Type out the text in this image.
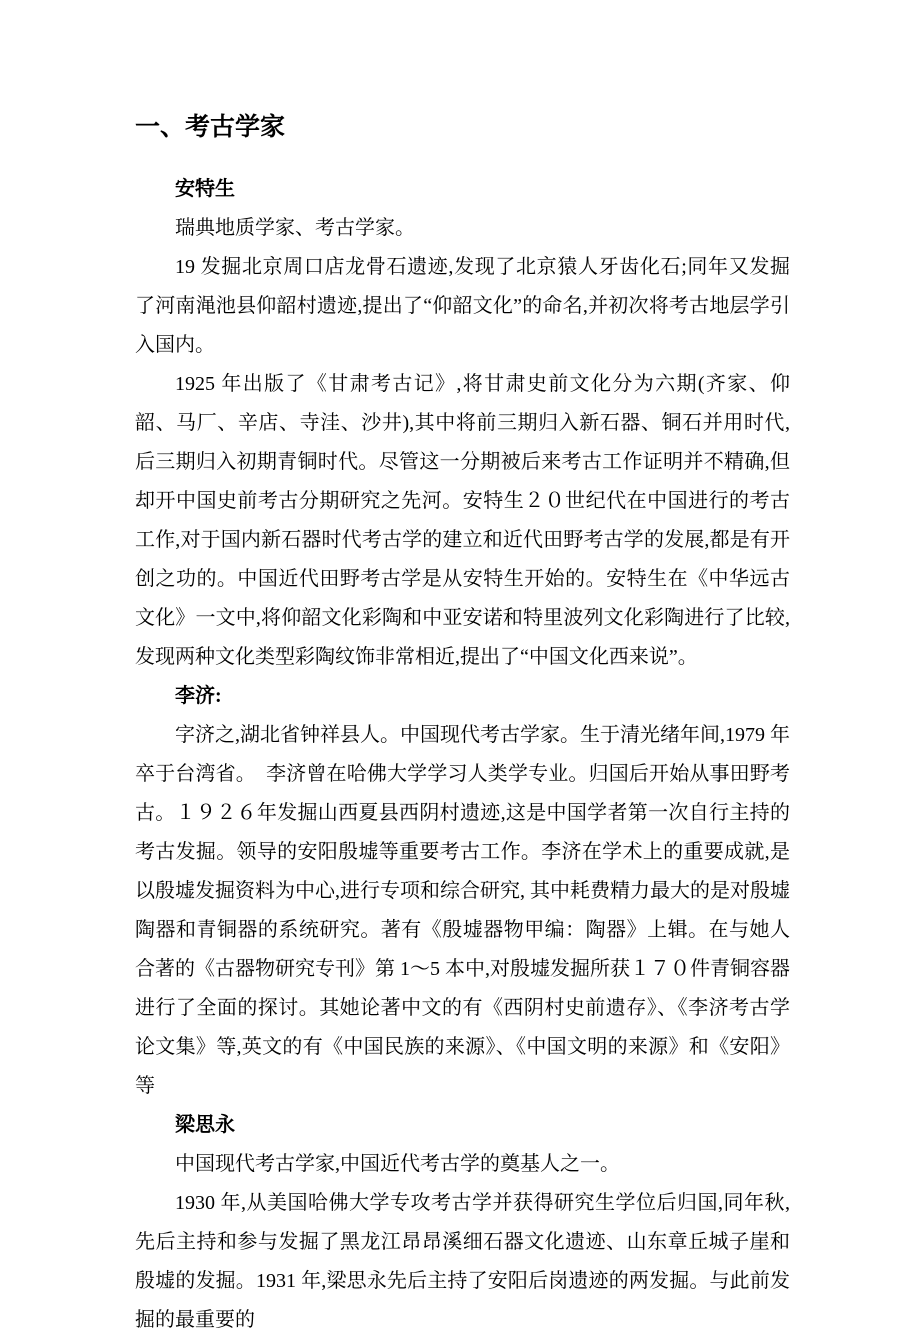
一、考古学家
安特生

瑞典地质学家、考古学家。

19 发掘北京周口店龙骨石遗迹,发现了北京猿人牙齿化石;同年又发掘了河南渑池县仰韶村遗迹,提出了“仰韶文化”的命名,并初次将考古地层学引入国内。

1925 年出版了《甘肃考古记》,将甘肃史前文化分为六期(齐家、仰韶、马厂、辛店、寺洼、沙井),其中将前三期归入新石器、铜石并用时代,后三期归入初期青铜时代。尽管这一分期被后来考古工作证明并不精确,但却开中国史前考古分期研究之先河。安特生２０世纪代在中国进行的考古工作,对于国内新石器时代考古学的建立和近代田野考古学的发展,都是有开创之功的。中国近代田野考古学是从安特生开始的。安特生在《中华远古文化》一文中,将仰韶文化彩陶和中亚安诺和特里波列文化彩陶进行了比较,发现两种文化类型彩陶纹饰非常相近,提出了“中国文化西来说”。

李济:

字济之,湖北省钟祥县人。中国现代考古学家。生于清光绪年间,1979 年卒于台湾省。　李济曾在哈佛大学学习人类学专业。归国后开始从事田野考古。１９２６年发掘山西夏县西阴村遗迹,这是中国学者第一次自行主持的考古发掘。领导的安阳殷墟等重要考古工作。李济在学术上的重要成就,是以殷墟发掘资料为中心,进行专项和综合研究, 其中耗费精力最大的是对殷墟陶器和青铜器的系统研究。著有《殷墟器物甲编：陶器》上辑。在与她人合著的《古器物研究专刊》第 1〜5 本中,对殷墟发掘所获１７０件青铜容器进行了全面的探讨。其她论著中文的有《西阴村史前遗存》、《李济考古学论文集》等,英文的有《中国民族的来源》、《中国文明的来源》和《安阳》等

梁思永

中国现代考古学家,中国近代考古学的奠基人之一。

1930 年,从美国哈佛大学专攻考古学并获得研究生学位后归国,同年秋,先后主持和参与发掘了黑龙江昂昂溪细石器文化遗迹、山东章丘城子崖和殷墟的发掘。1931 年,梁思永先后主持了安阳后岗遗迹的两发掘。与此前发掘的最重要的
